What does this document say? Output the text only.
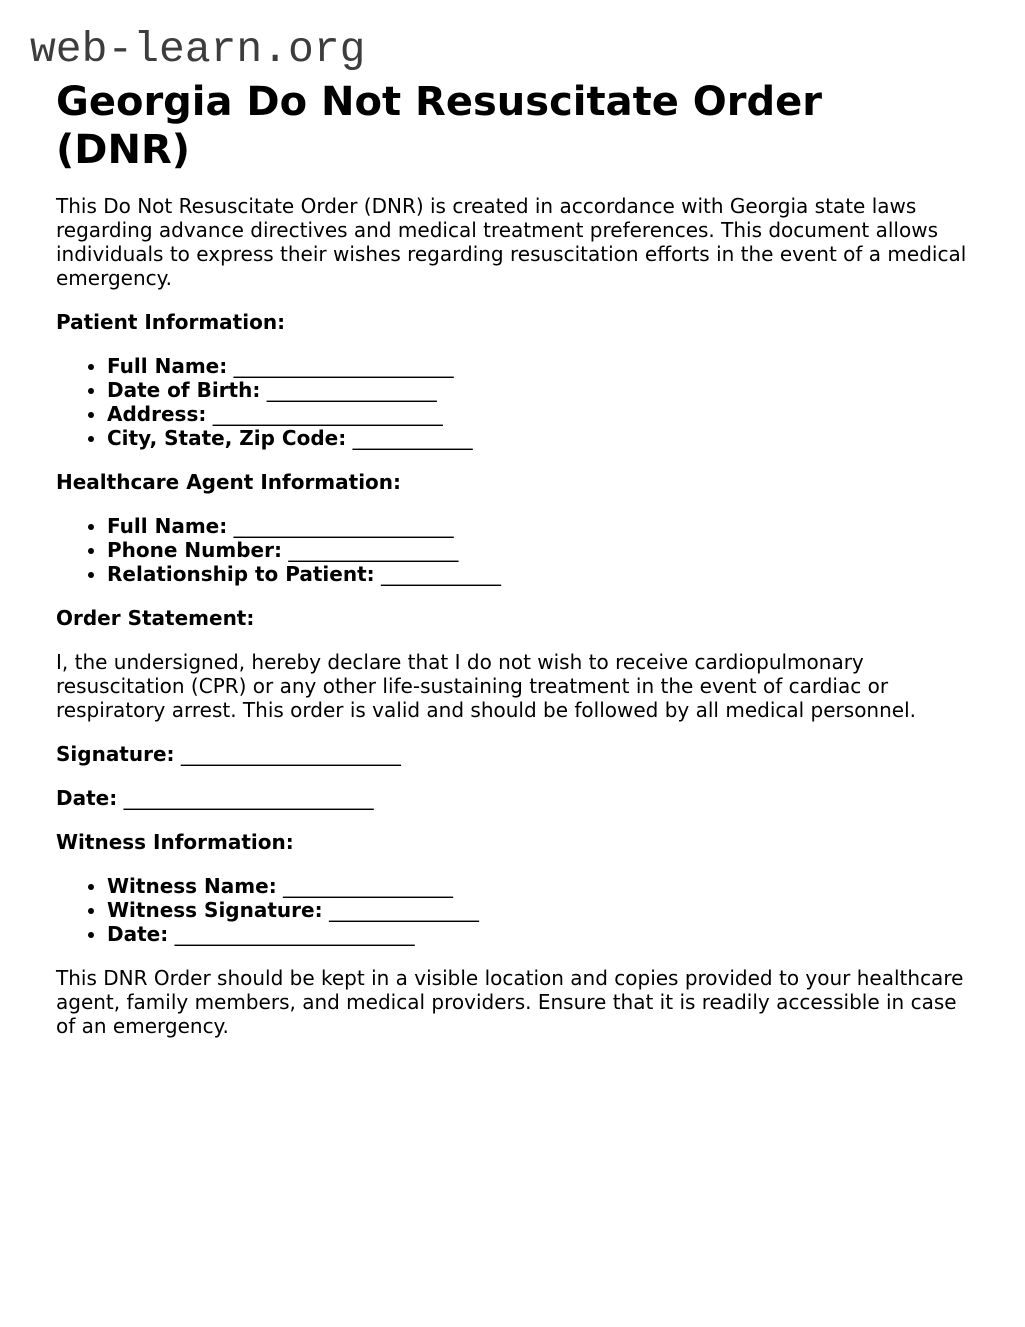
web-learn.org
Georgia Do Not Resuscitate Order (DNR)

This Do Not Resuscitate Order (DNR) is created in accordance with Georgia state laws regarding advance directives and medical treatment preferences. This document allows individuals to express their wishes regarding resuscitation efforts in the event of a medical emergency.

Patient Information:

• Full Name: ______________________
• Date of Birth: _________________
• Address: _______________________
• City, State, Zip Code: ____________

Healthcare Agent Information:

• Full Name: ______________________
• Phone Number: _________________
• Relationship to Patient: ____________

Order Statement:

I, the undersigned, hereby declare that I do not wish to receive cardiopulmonary resuscitation (CPR) or any other life-sustaining treatment in the event of cardiac or respiratory arrest. This order is valid and should be followed by all medical personnel.

Signature: ______________________

Date: _________________________

Witness Information:

• Witness Name: _________________
• Witness Signature: _______________
• Date: ________________________

This DNR Order should be kept in a visible location and copies provided to your healthcare agent, family members, and medical providers. Ensure that it is readily accessible in case of an emergency.
